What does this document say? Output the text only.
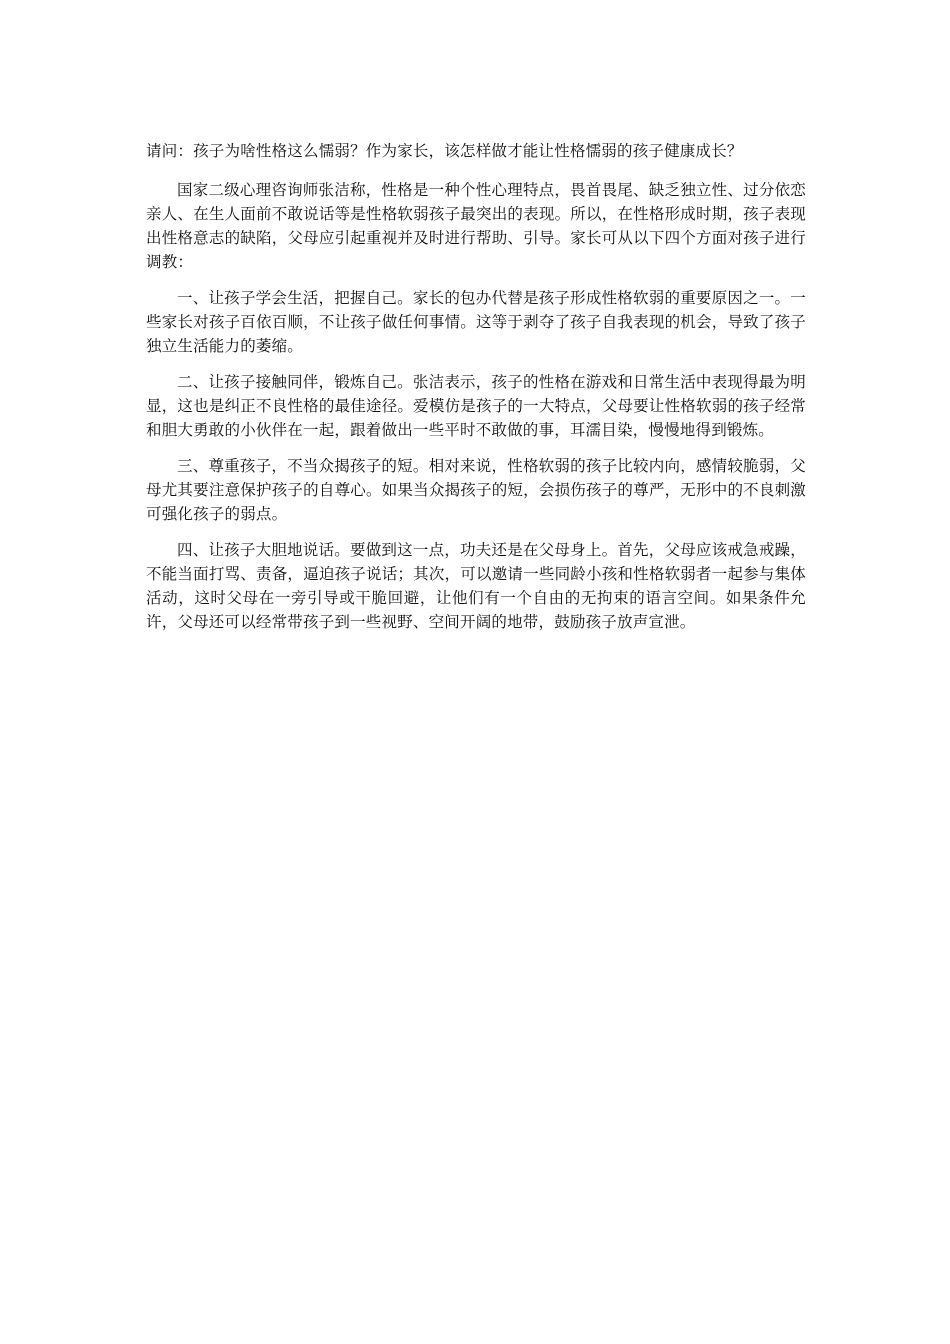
请问：孩子为啥性格这么懦弱？作为家长，该怎样做才能让性格懦弱的孩子健康成长？

国家二级心理咨询师张洁称，性格是一种个性心理特点，畏首畏尾、缺乏独立性、过分依恋亲人、在生人面前不敢说话等是性格软弱孩子最突出的表现。所以，在性格形成时期，孩子表现出性格意志的缺陷，父母应引起重视并及时进行帮助、引导。家长可从以下四个方面对孩子进行调教：

一、让孩子学会生活，把握自己。家长的包办代替是孩子形成性格软弱的重要原因之一。一些家长对孩子百依百顺，不让孩子做任何事情。这等于剥夺了孩子自我表现的机会，导致了孩子独立生活能力的萎缩。

二、让孩子接触同伴，锻炼自己。张洁表示，孩子的性格在游戏和日常生活中表现得最为明显，这也是纠正不良性格的最佳途径。爱模仿是孩子的一大特点，父母要让性格软弱的孩子经常和胆大勇敢的小伙伴在一起，跟着做出一些平时不敢做的事，耳濡目染，慢慢地得到锻炼。

三、尊重孩子，不当众揭孩子的短。相对来说，性格软弱的孩子比较内向，感情较脆弱，父母尤其要注意保护孩子的自尊心。如果当众揭孩子的短，会损伤孩子的尊严，无形中的不良刺激可强化孩子的弱点。

四、让孩子大胆地说话。要做到这一点，功夫还是在父母身上。首先，父母应该戒急戒躁，不能当面打骂、责备，逼迫孩子说话；其次，可以邀请一些同龄小孩和性格软弱者一起参与集体活动，这时父母在一旁引导或干脆回避，让他们有一个自由的无拘束的语言空间。如果条件允许，父母还可以经常带孩子到一些视野、空间开阔的地带，鼓励孩子放声宣泄。
